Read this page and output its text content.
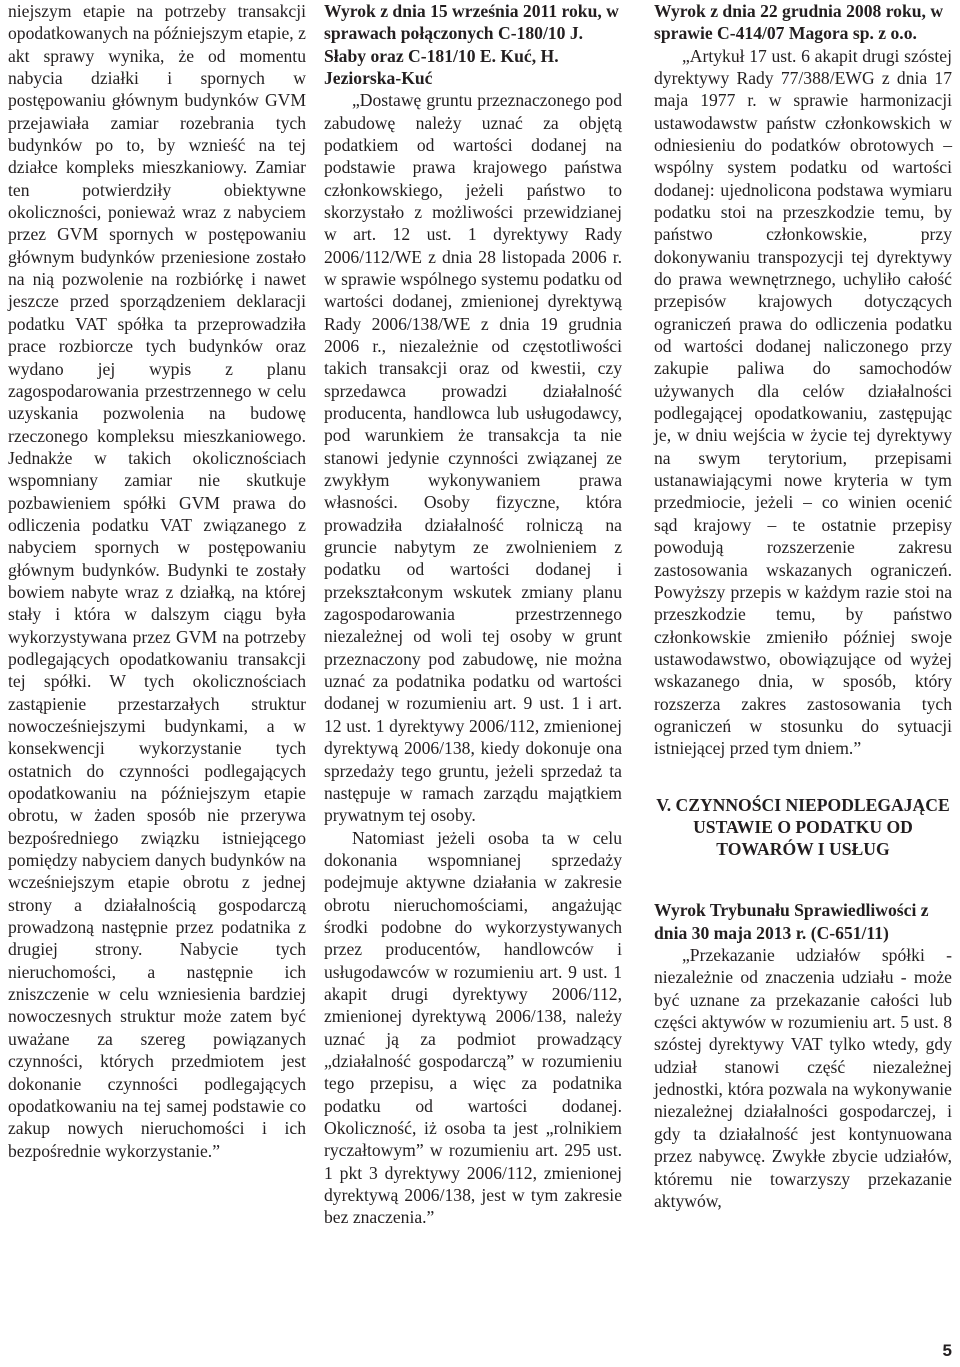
niejszym etapie na potrzeby transakcji opodatkowanych na późniejszym etapie, z akt sprawy wynika, że od momentu nabycia działki i spornych w postępowaniu głównym budynków GVM przejawiała zamiar rozebrania tych budynków po to, by wznieść na tej działce kompleks mieszkaniowy. Zamiar ten potwierdziły obiektywne okoliczności, ponieważ wraz z nabyciem przez GVM spornych w postępowaniu głównym budynków przeniesione zostało na nią pozwolenie na rozbiórkę i nawet jeszcze przed sporządzeniem deklaracji podatku VAT spółka ta przeprowadziła prace rozbiorcze tych budynków oraz wydano jej wypis z planu zagospodarowania przestrzennego w celu uzyskania pozwolenia na budowę rzeczonego kompleksu mieszkaniowego. Jednakże w takich okolicznościach wspomniany zamiar nie skutkuje pozbawieniem spółki GVM prawa do odliczenia podatku VAT związanego z nabyciem spornych w postępowaniu głównym budynków. Budynki te zostały bowiem nabyte wraz z działką, na której stały i która w dalszym ciągu była wykorzystywana przez GVM na potrzeby podlegających opodatkowaniu transakcji tej spółki. W tych okolicznościach zastąpienie przestarzałych struktur nowocześniejszymi budynkami, a w konsekwencji wykorzystanie tych ostatnich do czynności podlegających opodatkowaniu na późniejszym etapie obrotu, w żaden sposób nie przerywa bezpośredniego związku istniejącego pomiędzy nabyciem danych budynków na wcześniejszym etapie obrotu z jednej strony a działalnością gospodarczą prowadzoną następnie przez podatnika z drugiej strony. Nabycie tych nieruchomości, a następnie ich zniszczenie w celu wzniesienia bardziej nowoczesnych struktur może zatem być uważane za szereg powiązanych czynności, których przedmiotem jest dokonanie czynności podlegających opodatkowaniu na tej samej podstawie co zakup nowych nieruchomości i ich bezpośrednie wykorzystanie.”

Wyrok z dnia 15 września 2011 roku, w sprawach połączonych C-180/10 J. Słaby oraz C-181/10 E. Kuć, H. Jeziorska-Kuć

„Dostawę gruntu przeznaczonego pod zabudowę należy uznać za objętą podatkiem od wartości dodanej na podstawie prawa krajowego państwa członkowskiego, jeżeli państwo to skorzystało z możliwości przewidzianej w art. 12 ust. 1 dyrektywy Rady 2006/112/WE z dnia 28 listopada 2006 r. w sprawie wspólnego systemu podatku od wartości dodanej, zmienionej dyrektywą Rady 2006/138/WE z dnia 19 grudnia 2006 r., niezależnie od częstotliwości takich transakcji oraz od kwestii, czy sprzedawca prowadzi działalność producenta, handlowca lub usługodawcy, pod warunkiem że transakcja ta nie stanowi jedynie czynności związanej ze zwykłym wykonywaniem prawa własności. Osoby fizyczne, która prowadziła działalność rolniczą na gruncie nabytym ze zwolnieniem z podatku od wartości dodanej i przekształconym wskutek zmiany planu zagospodarowania przestrzennego niezależnej od woli tej osoby w grunt przeznaczony pod zabudowę, nie można uznać za podatnika podatku od wartości dodanej w rozumieniu art. 9 ust. 1 i art. 12 ust. 1 dyrektywy 2006/112, zmienionej dyrektywą 2006/138, kiedy dokonuje ona sprzedaży tego gruntu, jeżeli sprzedaż ta następuje w ramach zarządu majątkiem prywatnym tej osoby.

Natomiast jeżeli osoba ta w celu dokonania wspomnianej sprzedaży podejmuje aktywne działania w zakresie obrotu nieruchomościami, angażując środki podobne do wykorzystywanych przez producentów, handlowców i usługodawców w rozumieniu art. 9 ust. 1 akapit drugi dyrektywy 2006/112, zmienionej dyrektywą 2006/138, należy uznać ją za podmiot prowadzący „działalność gospodarczą” w rozumieniu tego przepisu, a więc za podatnika podatku od wartości dodanej. Okoliczność, iż osoba ta jest „rolnikiem ryczałtowym” w rozumieniu art. 295 ust. 1 pkt 3 dyrektywy 2006/112, zmienionej dyrektywą 2006/138, jest w tym zakresie bez znaczenia.”

Wyrok z dnia 22 grudnia 2008 roku, w sprawie C-414/07 Magora sp. z o.o.

„Artykuł 17 ust. 6 akapit drugi szóstej dyrektywy Rady 77/388/EWG z dnia 17 maja 1977 r. w sprawie harmonizacji ustawodawstw państw członkowskich w odniesieniu do podatków obrotowych – wspólny system podatku od wartości dodanej: ujednolicona podstawa wymiaru podatku stoi na przeszkodzie temu, by państwo członkowskie, przy dokonywaniu transpozycji tej dyrektywy do prawa wewnętrznego, uchyliło całość przepisów krajowych dotyczących ograniczeń prawa do odliczenia podatku od wartości dodanej naliczonego przy zakupie paliwa do samochodów używanych dla celów działalności podlegającej opodatkowaniu, zastępując je, w dniu wejścia w życie tej dyrektywy na swym terytorium, przepisami ustanawiającymi nowe kryteria w tym przedmiocie, jeżeli – co winien ocenić sąd krajowy – te ostatnie przepisy powodują rozszerzenie zakresu zastosowania wskazanych ograniczeń. Powyższy przepis w każdym razie stoi na przeszkodzie temu, by państwo członkowskie zmieniło później swoje ustawodawstwo, obowiązujące od wyżej wskazanego dnia, w sposób, który rozszerza zakres zastosowania tych ograniczeń w stosunku do sytuacji istniejącej przed tym dniem.”

V. CZYNNOŚCI NIEPODLEGAJĄCE USTAWIE O PODATKU OD TOWARÓW I USŁUG

Wyrok Trybunału Sprawiedliwości z dnia 30 maja 2013 r. (C-651/11)

„Przekazanie udziałów spółki - niezależnie od znaczenia udziału - może być uznane za przekazanie całości lub części aktywów w rozumieniu art. 5 ust. 8 szóstej dyrektywy VAT tylko wtedy, gdy udział stanowi część niezależnej jednostki, która pozwala na wykonywanie niezależnej działalności gospodarczej, i gdy ta działalność jest kontynuowana przez nabywcę. Zwykłe zbycie udziałów, któremu nie towarzyszy przekazanie aktywów,

5
